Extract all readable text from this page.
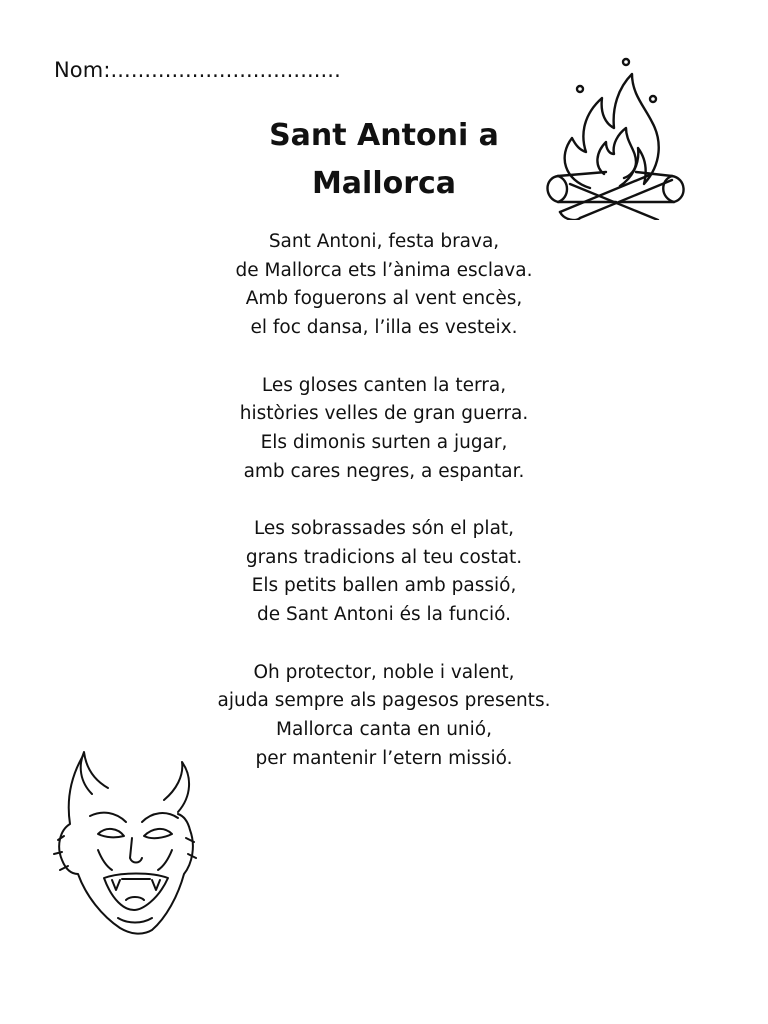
Nom:..................................
Sant Antoni a
Mallorca
Sant Antoni, festa brava,
de Mallorca ets l’ànima esclava.
Amb foguerons al vent encès,
el foc dansa, l’illa es vesteix.
Les gloses canten la terra,
històries velles de gran guerra.
Els dimonis surten a jugar,
amb cares negres, a espantar.
Les sobrassades són el plat,
grans tradicions al teu costat.
Els petits ballen amb passió,
de Sant Antoni és la funció.
Oh protector, noble i valent,
ajuda sempre als pagesos presents.
Mallorca canta en unió,
per mantenir l’etern missió.
